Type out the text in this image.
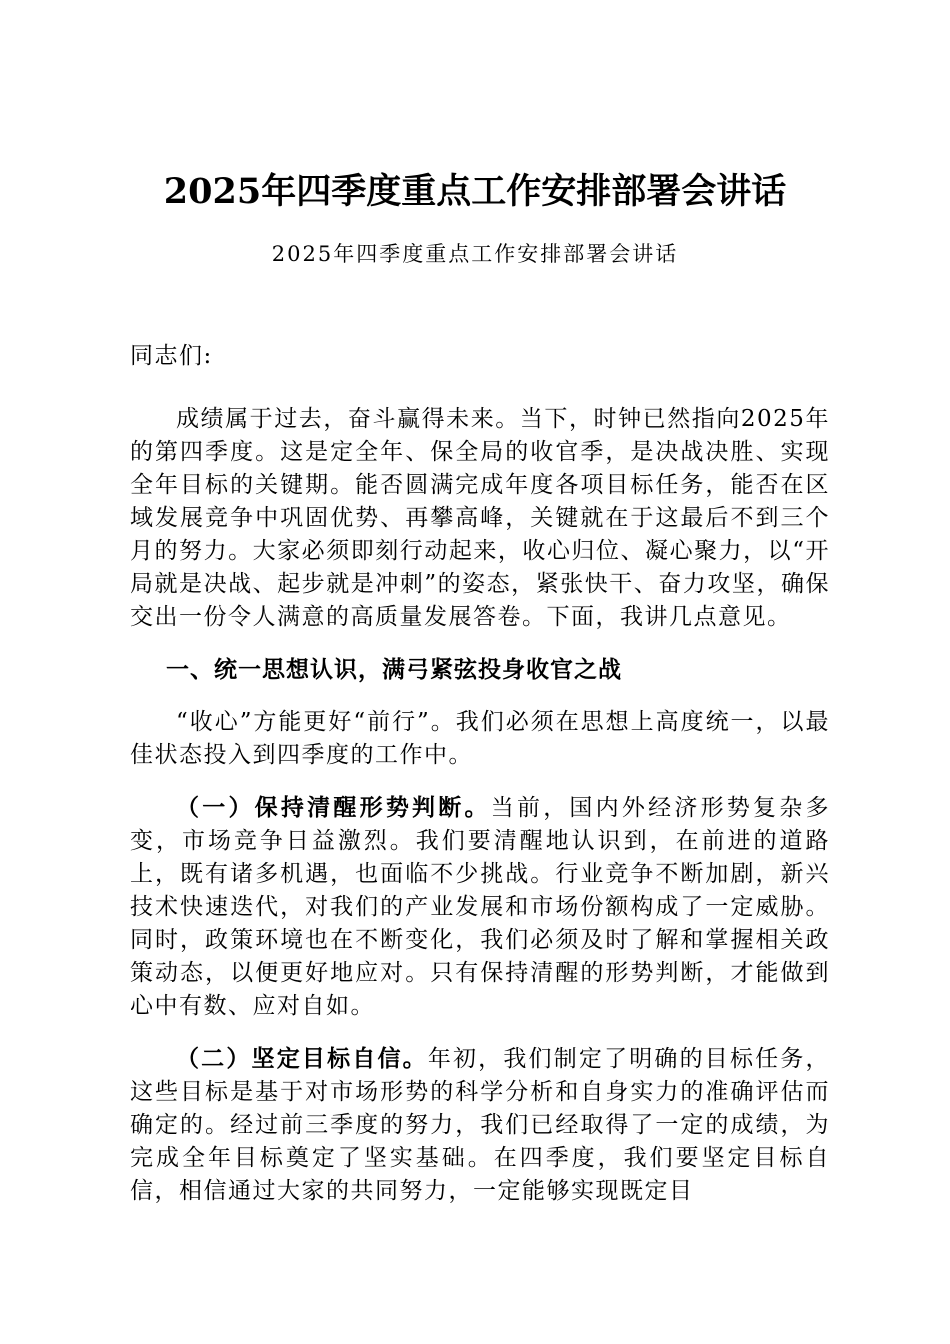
2025年四季度重点工作安排部署会讲话
2025年四季度重点工作安排部署会讲话

同志们:

成绩属于过去，奋斗赢得未来。当下，时钟已然指向2025年的第四季度。这是定全年、保全局的收官季，是决战决胜、实现全年目标的关键期。能否圆满完成年度各项目标任务，能否在区域发展竞争中巩固优势、再攀高峰，关键就在于这最后不到三个月的努力。大家必须即刻行动起来，收心归位、凝心聚力，以“开局就是决战、起步就是冲刺”的姿态，紧张快干、奋力攻坚，确保交出一份令人满意的高质量发展答卷。下面，我讲几点意见。

一、统一思想认识，满弓紧弦投身收官之战

“收心”方能更好“前行”。我们必须在思想上高度统一，以最佳状态投入到四季度的工作中。

（一）保持清醒形势判断。当前，国内外经济形势复杂多变，市场竞争日益激烈。我们要清醒地认识到，在前进的道路上，既有诸多机遇，也面临不少挑战。行业竞争不断加剧，新兴技术快速迭代，对我们的产业发展和市场份额构成了一定威胁。同时，政策环境也在不断变化，我们必须及时了解和掌握相关政策动态，以便更好地应对。只有保持清醒的形势判断，才能做到心中有数、应对自如。

（二）坚定目标自信。年初，我们制定了明确的目标任务，这些目标是基于对市场形势的科学分析和自身实力的准确评估而确定的。经过前三季度的努力，我们已经取得了一定的成绩，为完成全年目标奠定了坚实基础。在四季度，我们要坚定目标自信，相信通过大家的共同努力，一定能够实现既定目
